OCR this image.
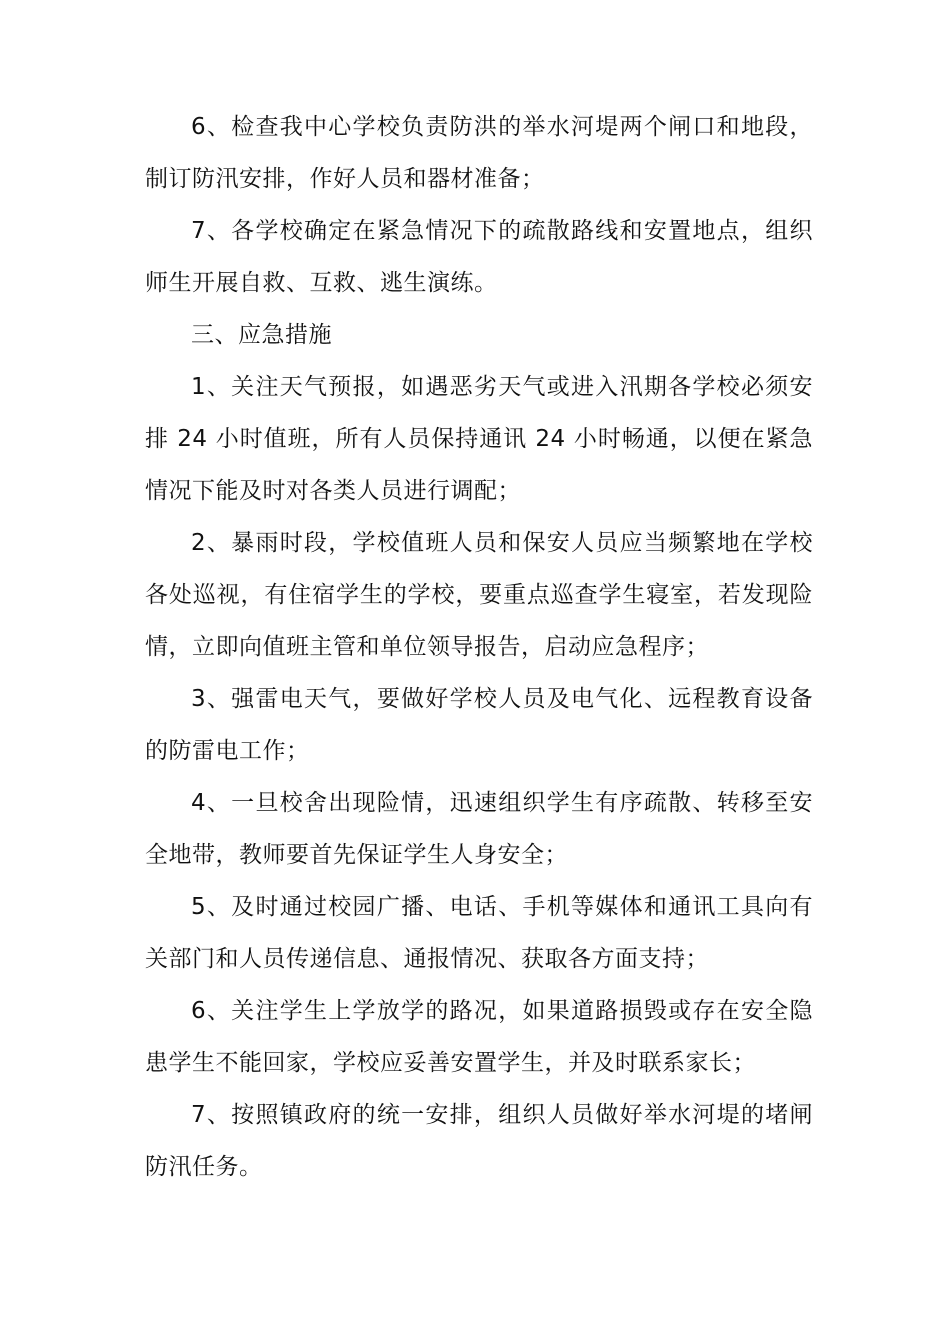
6、检查我中心学校负责防洪的举水河堤两个闸口和地段，制订防汛安排，作好人员和器材准备；

7、各学校确定在紧急情况下的疏散路线和安置地点，组织师生开展自救、互救、逃生演练。

三、应急措施

1、关注天气预报，如遇恶劣天气或进入汛期各学校必须安排 24 小时值班，所有人员保持通讯 24 小时畅通，以便在紧急情况下能及时对各类人员进行调配；

2、暴雨时段，学校值班人员和保安人员应当频繁地在学校各处巡视，有住宿学生的学校，要重点巡查学生寝室，若发现险情，立即向值班主管和单位领导报告，启动应急程序；

3、强雷电天气，要做好学校人员及电气化、远程教育设备的防雷电工作；

4、一旦校舍出现险情，迅速组织学生有序疏散、转移至安全地带，教师要首先保证学生人身安全；

5、及时通过校园广播、电话、手机等媒体和通讯工具向有关部门和人员传递信息、通报情况、获取各方面支持；

6、关注学生上学放学的路况，如果道路损毁或存在安全隐患学生不能回家，学校应妥善安置学生，并及时联系家长；

7、按照镇政府的统一安排，组织人员做好举水河堤的堵闸防汛任务。
